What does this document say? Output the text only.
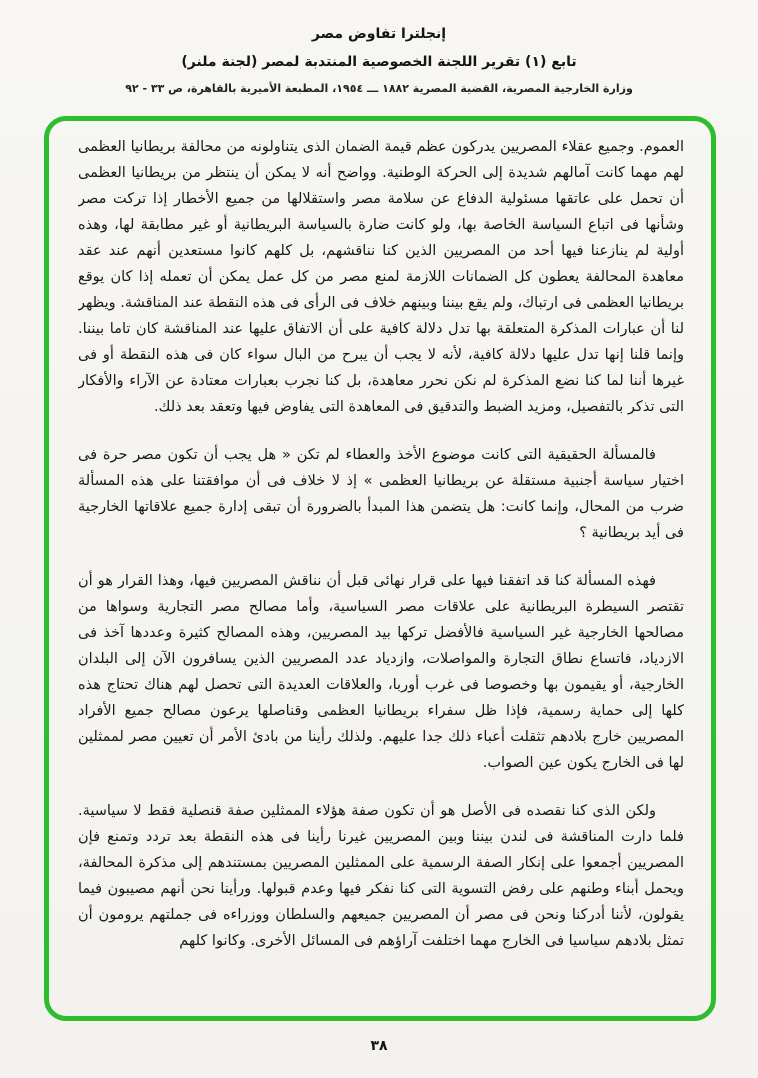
إنجلترا تفاوض مصر
تابع (١) تقرير اللجنة الخصوصية المنتدبة لمصر (لجنة ملنر)
وزارة الخارجية المصرية، القضية المصرية ١٨٨٢ ـــ ١٩٥٤، المطبعة الأميرية بالقاهرة، ص ٣٣ - ٩٢

العموم. وجميع عقلاء المصريين يدركون عظم قيمة الضمان الذى يتناولونه من محالفة بريطانيا العظمى لهم مهما كانت آمالهم شديدة إلى الحركة الوطنية. وواضح أنه لا يمكن أن ينتظر من بريطانيا العظمى أن تحمل على عاتقها مسئولية الدفاع عن سلامة مصر واستقلالها من جميع الأخطار إذا تركت مصر وشأنها فى اتباع السياسة الخاصة بها، ولو كانت ضارة بالسياسة البريطانية أو غير مطابقة لها، وهذه أولية لم ينازعنا فيها أحد من المصريين الذين كنا نناقشهم، بل كلهم كانوا مستعدين أنهم عند عقد معاهدة المحالفة يعطون كل الضمانات اللازمة لمنع مصر من كل عمل يمكن أن تعمله إذا كان يوقع بريطانيا العظمى فى ارتباك، ولم يقع بيننا وبينهم خلاف فى الرأى فى هذه النقطة عند المناقشة. ويظهر لنا أن عبارات المذكرة المتعلقة بها تدل دلالة كافية على أن الاتفاق عليها عند المناقشة كان تاما بيننا. وإنما قلنا إنها تدل عليها دلالة كافية، لأنه لا يجب أن يبرح من البال سواء كان فى هذه النقطة أو فى غيرها أننا لما كنا نضع المذكرة لم نكن نحرر معاهدة، بل كنا نجرب بعبارات معتادة عن الآراء والأفكار التى تذكر بالتفصيل، ومزيد الضبط والتدقيق فى المعاهدة التى يفاوض فيها وتعقد بعد ذلك.

فالمسألة الحقيقية التى كانت موضوع الأخذ والعطاء لم تكن « هل يجب أن تكون مصر حرة فى اختيار سياسة أجنبية مستقلة عن بريطانيا العظمى » إذ لا خلاف فى أن موافقتنا على هذه المسألة ضرب من المحال، وإنما كانت: هل يتضمن هذا المبدأ بالضرورة أن تبقى إدارة جميع علاقاتها الخارجية فى أيد بريطانية ؟

فهذه المسألة كنا قد اتفقنا فيها على قرار نهائى قبل أن نناقش المصريين فيها، وهذا القرار هو أن تقتصر السيطرة البريطانية على علاقات مصر السياسية، وأما مصالح مصر التجارية وسواها من مصالحها الخارجية غير السياسية فالأفضل تركها بيد المصريين، وهذه المصالح كثيرة وعددها آخذ فى الازدياد، فاتساع نطاق التجارة والمواصلات، وازدياد عدد المصريين الذين يسافرون الآن إلى البلدان الخارجية، أو يقيمون بها وخصوصا فى غرب أوربا، والعلاقات العديدة التى تحصل لهم هناك تحتاج هذه كلها إلى حماية رسمية، فإذا ظل سفراء بريطانيا العظمى وقناصلها يرعون مصالح جميع الأفراد المصريين خارج بلادهم تثقلت أعباء ذلك جدا عليهم. ولذلك رأينا من بادئ الأمر أن تعيين مصر لممثلين لها فى الخارج يكون عين الصواب.

ولكن الذى كنا نقصده فى الأصل هو أن تكون صفة هؤلاء الممثلين صفة قنصلية فقط لا سياسية. فلما دارت المناقشة فى لندن بيننا وبين المصريين غيرنا رأينا فى هذه النقطة بعد تردد وتمنع فإن المصريين أجمعوا على إنكار الصفة الرسمية على الممثلين المصريين بمستندهم إلى مذكرة المحالفة، ويحمل أبناء وطنهم على رفض التسوية التى كنا نفكر فيها وعدم قبولها. ورأينا نحن أنهم مصيبون فيما يقولون، لأننا أدركنا ونحن فى مصر أن المصريين جميعهم والسلطان ووزراءه فى جملتهم يرومون أن تمثل بلادهم سياسيا فى الخارج مهما اختلفت آراؤهم فى المسائل الأخرى. وكانوا كلهم

٣٨
